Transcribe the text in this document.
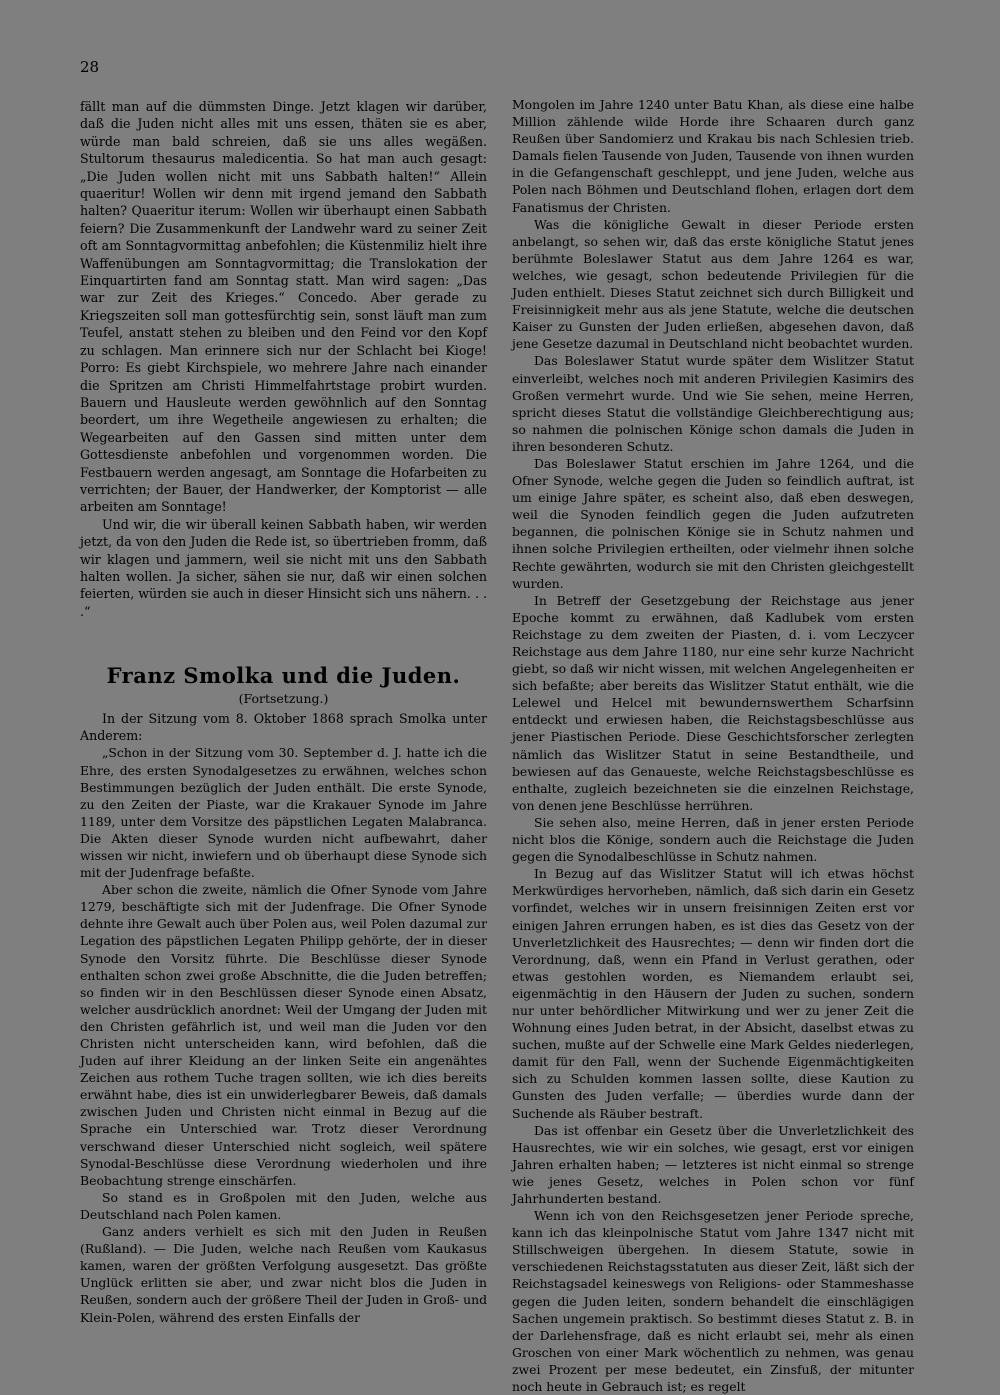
28

fällt man auf die dümmsten Dinge. Jetzt klagen wir darüber, daß die Juden nicht alles mit uns essen, thäten sie es aber, würde man bald schreien, daß sie uns alles wegäßen. Stultorum thesaurus maledicentia. So hat man auch gesagt: „Die Juden wollen nicht mit uns Sabbath halten!“ Allein quaeritur! Wollen wir denn mit irgend jemand den Sabbath halten? Quaeritur iterum: Wollen wir überhaupt einen Sabbath feiern? Die Zusammenkunft der Landwehr ward zu seiner Zeit oft am Sonntagvormittag anbefohlen; die Küstenmiliz hielt ihre Waffenübungen am Sonntagvormittag; die Translokation der Einquartirten fand am Sonntag statt. Man wird sagen: „Das war zur Zeit des Krieges.“ Concedo. Aber gerade zu Kriegszeiten soll man gottesfürchtig sein, sonst läuft man zum Teufel, anstatt stehen zu bleiben und den Feind vor den Kopf zu schlagen. Man erinnere sich nur der Schlacht bei Kioge! Porro: Es giebt Kirchspiele, wo mehrere Jahre nach einander die Spritzen am Christi Himmelfahrtstage probirt wurden. Bauern und Hausleute werden gewöhnlich auf den Sonntag beordert, um ihre Wegetheile angewiesen zu erhalten; die Wegearbeiten auf den Gassen sind mitten unter dem Gottesdienste anbefohlen und vorgenommen worden. Die Festbauern werden angesagt, am Sonntage die Hofarbeiten zu verrichten; der Bauer, der Handwerker, der Komptorist — alle arbeiten am Sonntage!

Und wir, die wir überall keinen Sabbath haben, wir werden jetzt, da von den Juden die Rede ist, so übertrieben fromm, daß wir klagen und jammern, weil sie nicht mit uns den Sabbath halten wollen. Ja sicher, sähen sie nur, daß wir einen solchen feierten, würden sie auch in dieser Hinsicht sich uns nähern. . . .“

Franz Smolka und die Juden.
(Fortsetzung.)

In der Sitzung vom 8. Oktober 1868 sprach Smolka unter Anderem:

„Schon in der Sitzung vom 30. September d. J. hatte ich die Ehre, des ersten Synodalgesetzes zu erwähnen, welches schon Bestimmungen bezüglich der Juden enthält. Die erste Synode, zu den Zeiten der Piaste, war die Krakauer Synode im Jahre 1189, unter dem Vorsitze des päpstlichen Legaten Malabranca. Die Akten dieser Synode wurden nicht aufbewahrt, daher wissen wir nicht, inwiefern und ob überhaupt diese Synode sich mit der Judenfrage befaßte.

Aber schon die zweite, nämlich die Ofner Synode vom Jahre 1279, beschäftigte sich mit der Judenfrage. Die Ofner Synode dehnte ihre Gewalt auch über Polen aus, weil Polen dazumal zur Legation des päpstlichen Legaten Philipp gehörte, der in dieser Synode den Vorsitz führte. Die Beschlüsse dieser Synode enthalten schon zwei große Abschnitte, die die Juden betreffen; so finden wir in den Beschlüssen dieser Synode einen Absatz, welcher ausdrücklich anordnet: Weil der Umgang der Juden mit den Christen gefährlich ist, und weil man die Juden vor den Christen nicht unterscheiden kann, wird befohlen, daß die Juden auf ihrer Kleidung an der linken Seite ein angenähtes Zeichen aus rothem Tuche tragen sollten, wie ich dies bereits erwähnt habe, dies ist ein unwiderlegbarer Beweis, daß damals zwischen Juden und Christen nicht einmal in Bezug auf die Sprache ein Unterschied war. Trotz dieser Verordnung verschwand dieser Unterschied nicht sogleich, weil spätere Synodal-Beschlüsse diese Verordnung wiederholen und ihre Beobachtung strenge einschärfen.

So stand es in Großpolen mit den Juden, welche aus Deutschland nach Polen kamen.

Ganz anders verhielt es sich mit den Juden in Reußen (Rußland). — Die Juden, welche nach Reußen vom Kaukasus kamen, waren der größten Verfolgung ausgesetzt. Das größte Unglück erlitten sie aber, und zwar nicht blos die Juden in Reußen, sondern auch der größere Theil der Juden in Groß- und Klein-Polen, während des ersten Einfalls der

Mongolen im Jahre 1240 unter Batu Khan, als diese eine halbe Million zählende wilde Horde ihre Schaaren durch ganz Reußen über Sandomierz und Krakau bis nach Schlesien trieb. Damals fielen Tausende von Juden, Tausende von ihnen wurden in die Gefangenschaft geschleppt, und jene Juden, welche aus Polen nach Böhmen und Deutschland flohen, erlagen dort dem Fanatismus der Christen.

Was die königliche Gewalt in dieser Periode ersten anbelangt, so sehen wir, daß das erste königliche Statut jenes berühmte Boleslawer Statut aus dem Jahre 1264 es war, welches, wie gesagt, schon bedeutende Privilegien für die Juden enthielt. Dieses Statut zeichnet sich durch Billigkeit und Freisinnigkeit mehr aus als jene Statute, welche die deutschen Kaiser zu Gunsten der Juden erließen, abgesehen davon, daß jene Gesetze dazumal in Deutschland nicht beobachtet wurden.

Das Boleslawer Statut wurde später dem Wislitzer Statut einverleibt, welches noch mit anderen Privilegien Kasimirs des Großen vermehrt wurde. Und wie Sie sehen, meine Herren, spricht dieses Statut die vollständige Gleichberechtigung aus; so nahmen die polnischen Könige schon damals die Juden in ihren besonderen Schutz.

Das Boleslawer Statut erschien im Jahre 1264, und die Ofner Synode, welche gegen die Juden so feindlich auftrat, ist um einige Jahre später, es scheint also, daß eben deswegen, weil die Synoden feindlich gegen die Juden aufzutreten begannen, die polnischen Könige sie in Schutz nahmen und ihnen solche Privilegien ertheilten, oder vielmehr ihnen solche Rechte gewährten, wodurch sie mit den Christen gleichgestellt wurden.

In Betreff der Gesetzgebung der Reichstage aus jener Epoche kommt zu erwähnen, daß Kadlubek vom ersten Reichstage zu dem zweiten der Piasten, d. i. vom Leczycer Reichstage aus dem Jahre 1180, nur eine sehr kurze Nachricht giebt, so daß wir nicht wissen, mit welchen Angelegenheiten er sich befaßte; aber bereits das Wislitzer Statut enthält, wie die Lelewel und Helcel mit bewundernswerthem Scharfsinn entdeckt und erwiesen haben, die Reichstagsbeschlüsse aus jener Piastischen Periode. Diese Geschichtsforscher zerlegten nämlich das Wislitzer Statut in seine Bestandtheile, und bewiesen auf das Genaueste, welche Reichstagsbeschlüsse es enthalte, zugleich bezeichneten sie die einzelnen Reichstage, von denen jene Beschlüsse herrühren.

Sie sehen also, meine Herren, daß in jener ersten Periode nicht blos die Könige, sondern auch die Reichstage die Juden gegen die Synodalbeschlüsse in Schutz nahmen.

In Bezug auf das Wislitzer Statut will ich etwas höchst Merkwürdiges hervorheben, nämlich, daß sich darin ein Gesetz vorfindet, welches wir in unsern freisinnigen Zeiten erst vor einigen Jahren errungen haben, es ist dies das Gesetz von der Unverletzlichkeit des Hausrechtes; — denn wir finden dort die Verordnung, daß, wenn ein Pfand in Verlust gerathen, oder etwas gestohlen worden, es Niemandem erlaubt sei, eigenmächtig in den Häusern der Juden zu suchen, sondern nur unter behördlicher Mitwirkung und wer zu jener Zeit die Wohnung eines Juden betrat, in der Absicht, daselbst etwas zu suchen, mußte auf der Schwelle eine Mark Geldes niederlegen, damit für den Fall, wenn der Suchende Eigenmächtigkeiten sich zu Schulden kommen lassen sollte, diese Kaution zu Gunsten des Juden verfalle; — überdies wurde dann der Suchende als Räuber bestraft.

Das ist offenbar ein Gesetz über die Unverletzlichkeit des Hausrechtes, wie wir ein solches, wie gesagt, erst vor einigen Jahren erhalten haben; — letzteres ist nicht einmal so strenge wie jenes Gesetz, welches in Polen schon vor fünf Jahrhunderten bestand.

Wenn ich von den Reichsgesetzen jener Periode spreche, kann ich das kleinpolnische Statut vom Jahre 1347 nicht mit Stillschweigen übergehen. In diesem Statute, sowie in verschiedenen Reichstagsstatuten aus dieser Zeit, läßt sich der Reichstagsadel keineswegs von Religions- oder Stammeshasse gegen die Juden leiten, sondern behandelt die einschlägigen Sachen ungemein praktisch. So bestimmt dieses Statut z. B. in der Darlehensfrage, daß es nicht erlaubt sei, mehr als einen Groschen von einer Mark wöchentlich zu nehmen, was genau zwei Prozent per mese bedeutet, ein Zinsfuß, der mitunter noch heute in Gebrauch ist; es regelt
